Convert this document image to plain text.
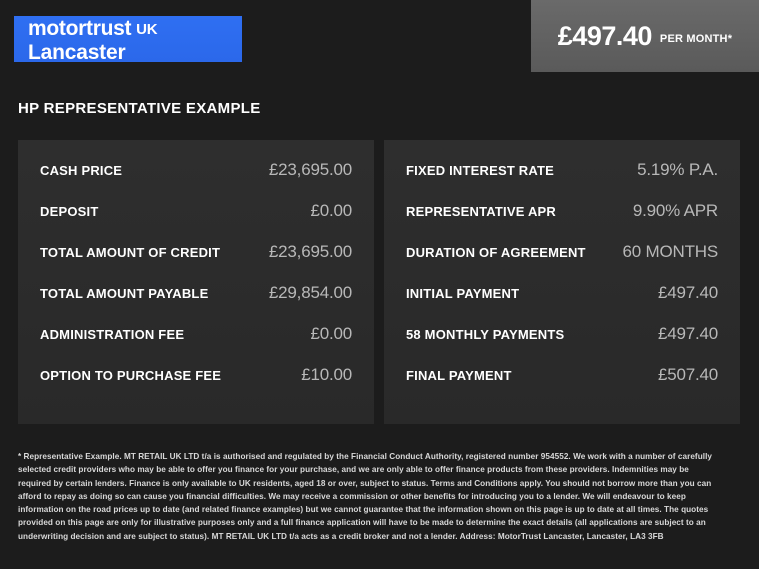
motortrust UK
Lancaster
£497.40 PER MONTH*
HP REPRESENTATIVE EXAMPLE
CASH PRICE	£23,695.00
DEPOSIT	£0.00
TOTAL AMOUNT OF CREDIT	£23,695.00
TOTAL AMOUNT PAYABLE	£29,854.00
ADMINISTRATION FEE	£0.00
OPTION TO PURCHASE FEE	£10.00
FIXED INTEREST RATE	5.19% P.A.
REPRESENTATIVE APR	9.90% APR
DURATION OF AGREEMENT 60 MONTHS
INITIAL PAYMENT	£497.40
58 MONTHLY PAYMENTS	£497.40
FINAL PAYMENT	£507.40
* Representative Example. MT RETAIL UK LTD t/a is authorised and regulated by the Financial Conduct Authority, registered number 954552. We work with a number of carefully selected credit providers who may be able to offer you finance for your purchase, and we are only able to offer finance products from these providers. Indemnities may be required by certain lenders. Finance is only available to UK residents, aged 18 or over, subject to status. Terms and Conditions apply. You should not borrow more than you can afford to repay as doing so can cause you financial difficulties. We may receive a commission or other benefits for introducing you to a lender. We will endeavour to keep information on the road prices up to date (and related finance examples) but we cannot guarantee that the information shown on this page is up to date at all times. The quotes provided on this page are only for illustrative purposes only and a full finance application will have to be made to determine the exact details (all applications are subject to an underwriting decision and are subject to status). MT RETAIL UK LTD t/a acts as a credit broker and not a lender. Address: MotorTrust Lancaster, Lancaster, LA3 3FB
